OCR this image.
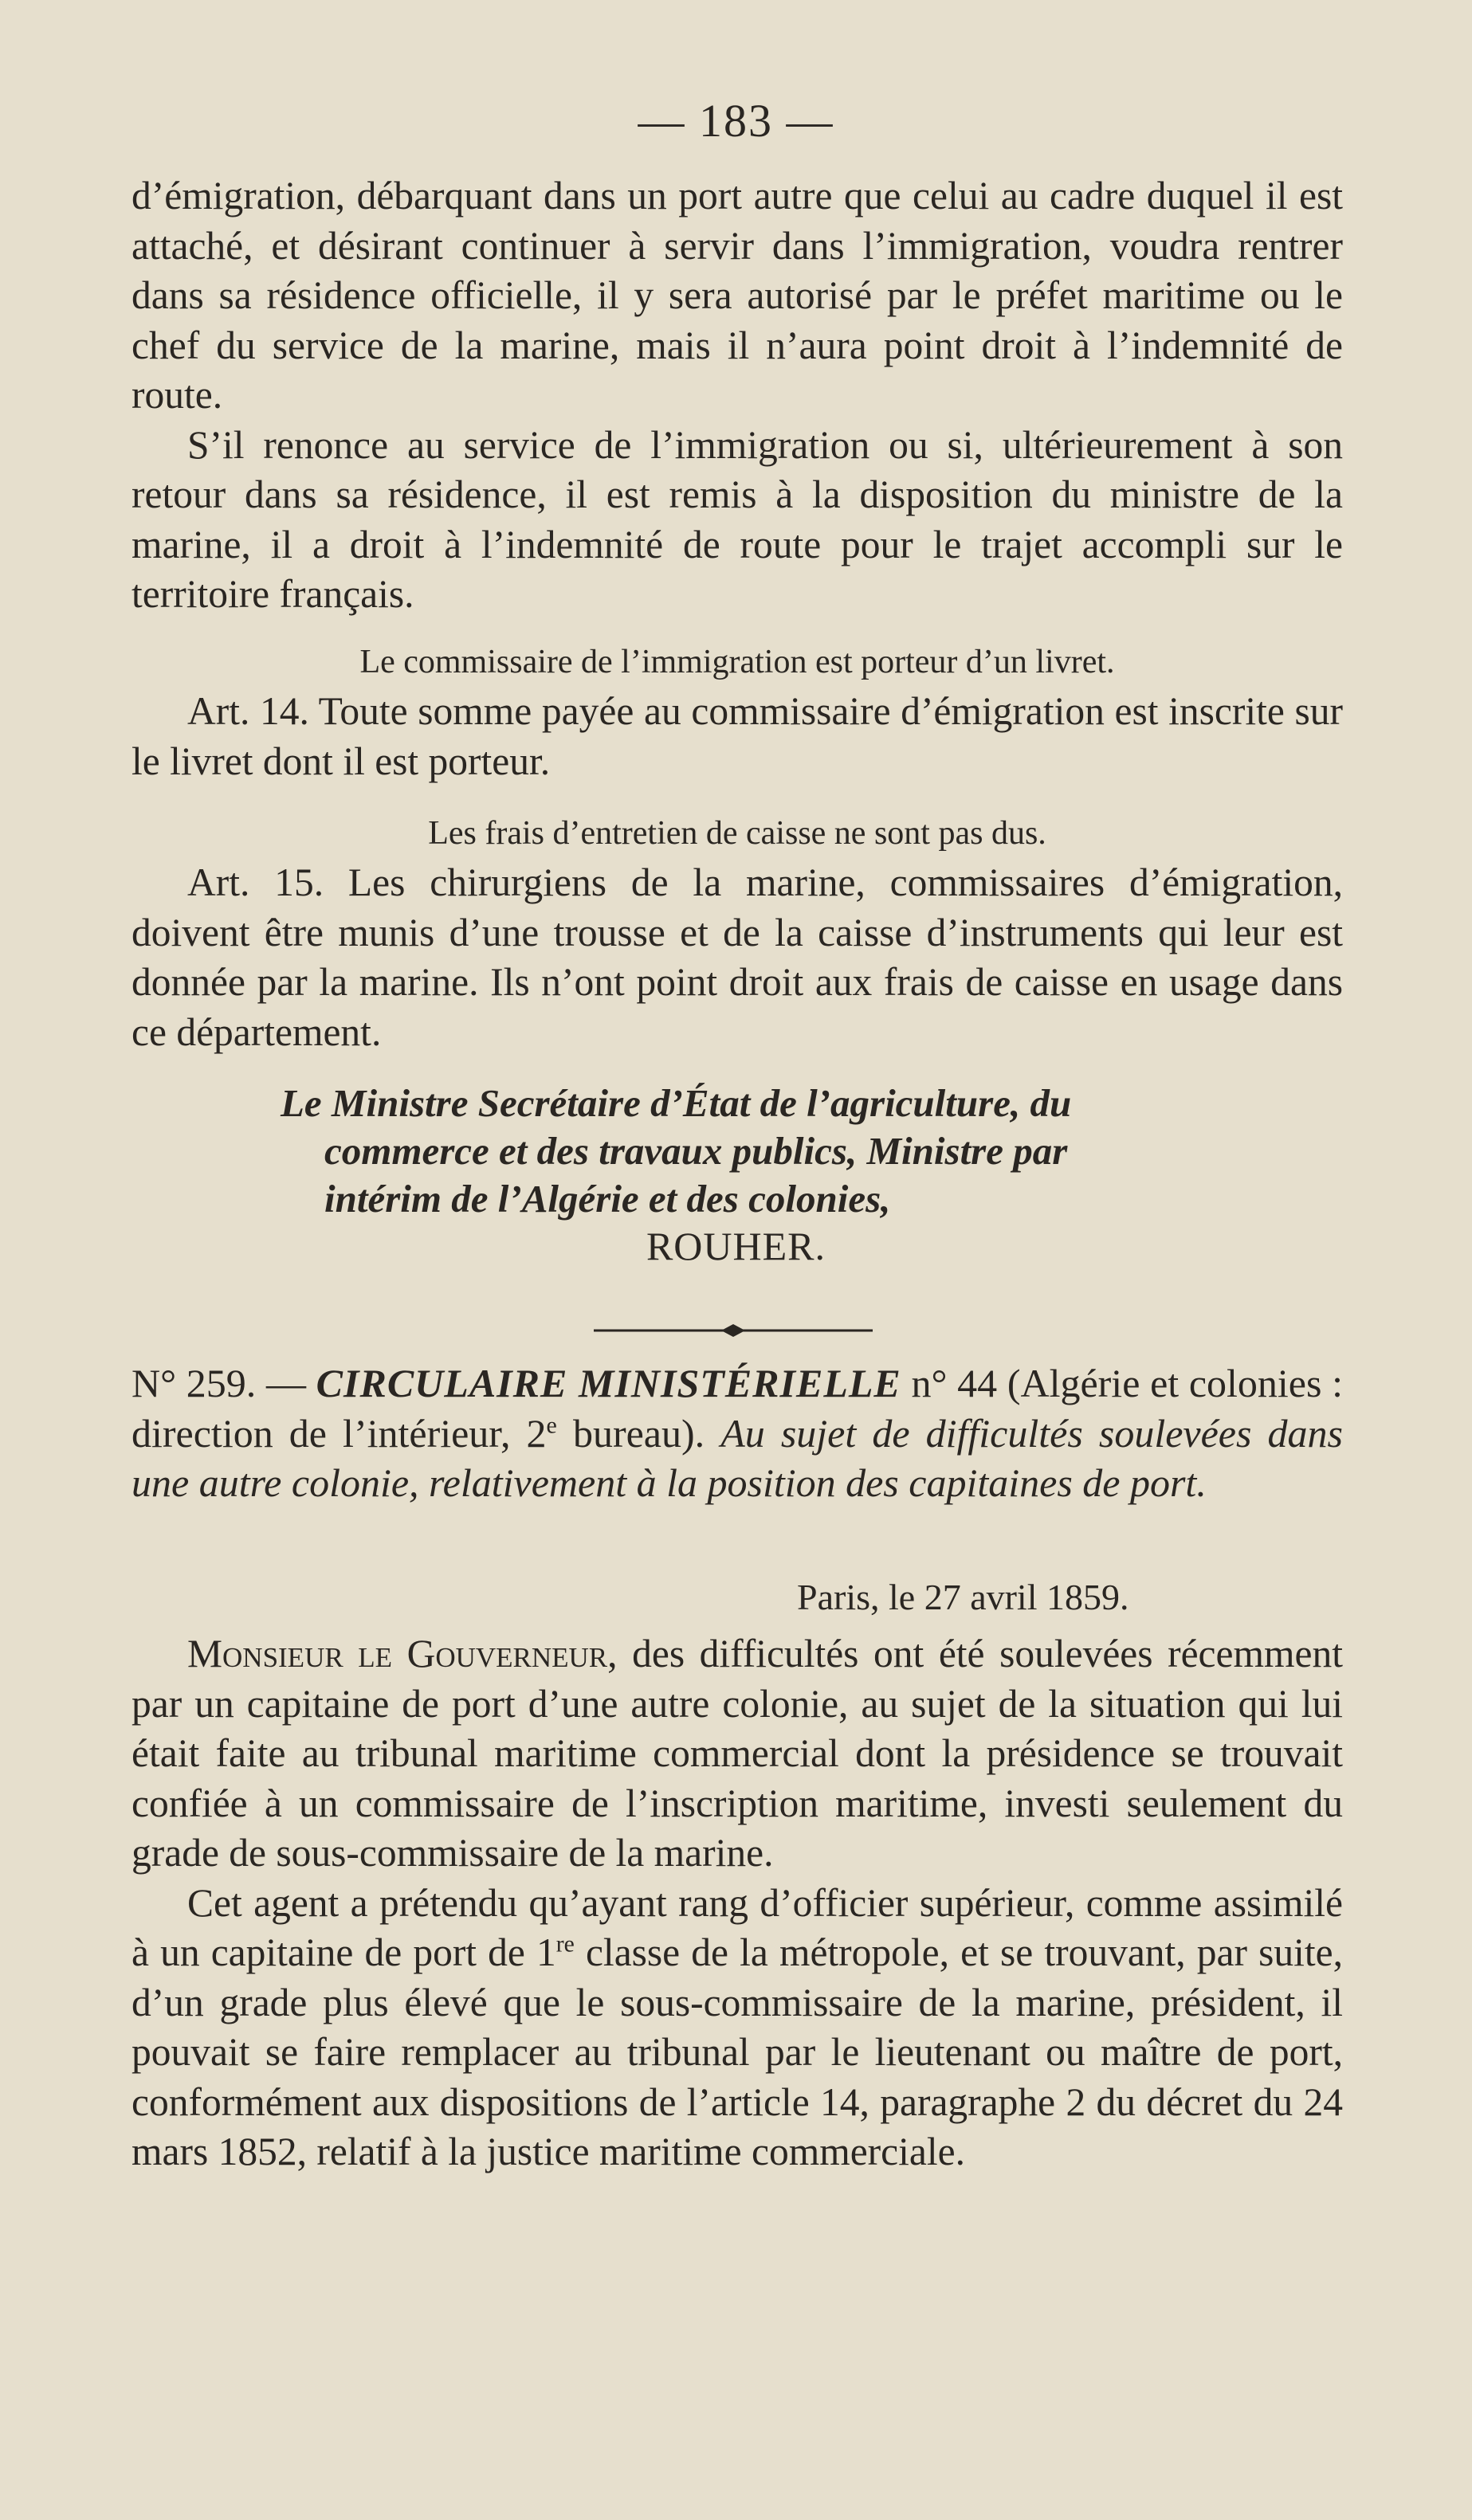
— 183 —

d’émigration, débarquant dans un port autre que celui au cadre duquel il est attaché, et désirant continuer à servir dans l’immigration, voudra rentrer dans sa résidence officielle, il y sera autorisé par le préfet maritime ou le chef du service de la marine, mais il n’aura point droit à l’indemnité de route.

S’il renonce au service de l’immigration ou si, ultérieurement à son retour dans sa résidence, il est remis à la disposition du ministre de la marine, il a droit à l’indemnité de route pour le trajet accompli sur le territoire français.

Le commissaire de l’immigration est porteur d’un livret.

Art. 14. Toute somme payée au commissaire d’émigration est inscrite sur le livret dont il est porteur.

Les frais d’entretien de caisse ne sont pas dus.

Art. 15. Les chirurgiens de la marine, commissaires d’émigration, doivent être munis d’une trousse et de la caisse d’instruments qui leur est donnée par la marine. Ils n’ont point droit aux frais de caisse en usage dans ce département.

Le Ministre Secrétaire d’État de l’agriculture, du
commerce et des travaux publics, Ministre par
intérim de l’Algérie et des colonies,
ROUHER.

N° 259. — CIRCULAIRE MINISTÉRIELLE n° 44 (Algérie et colonies : direction de l’intérieur, 2e bureau). Au sujet de difficultés soulevées dans une autre colonie, relativement à la position des capitaines de port.

Paris, le 27 avril 1859.

Monsieur le Gouverneur, des difficultés ont été soulevées récemment par un capitaine de port d’une autre colonie, au sujet de la situation qui lui était faite au tribunal maritime commercial dont la présidence se trouvait confiée à un commissaire de l’inscription maritime, investi seulement du grade de sous-commissaire de la marine.

Cet agent a prétendu qu’ayant rang d’officier supérieur, comme assimilé à un capitaine de port de 1re classe de la métropole, et se trouvant, par suite, d’un grade plus élevé que le sous-commissaire de la marine, président, il pouvait se faire remplacer au tribunal par le lieutenant ou maître de port, conformément aux dispositions de l’article 14, paragraphe 2 du décret du 24 mars 1852, relatif à la justice maritime commerciale.
